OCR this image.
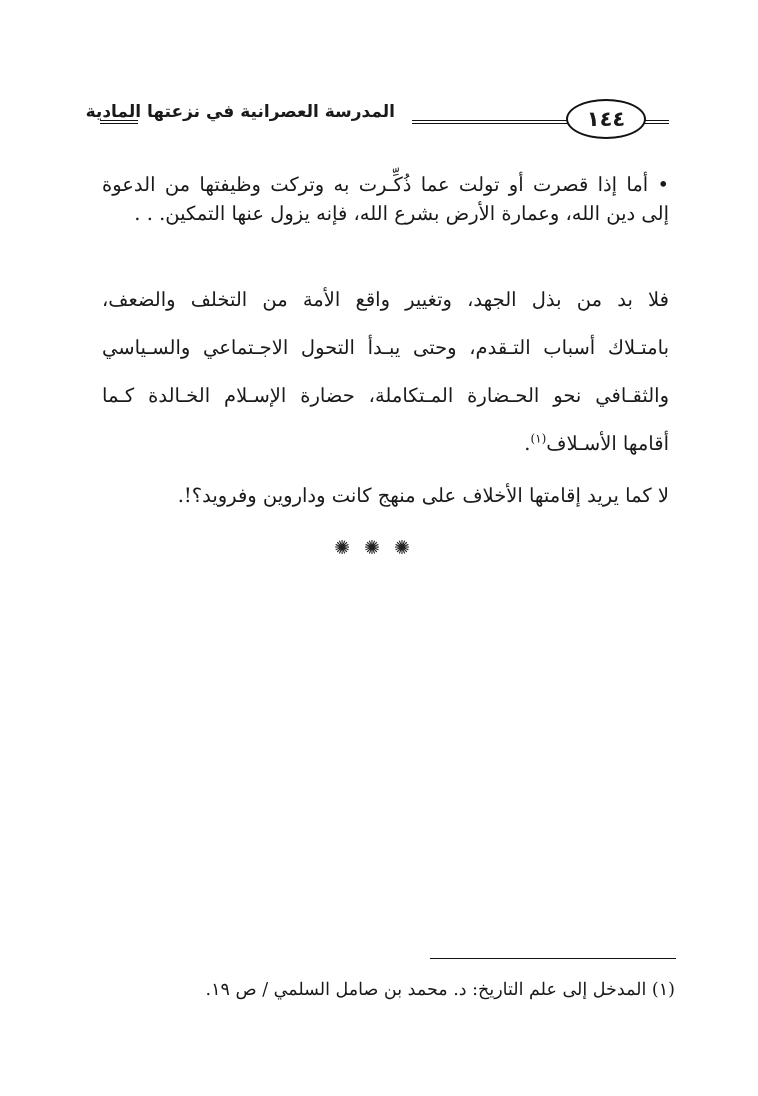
المدرسة العصرانية في نزعتها المادية	١٤٤
• أما إذا قصرت أو تولت عما ذُكِّـرت به وتركت وظيفتها من الدعوة
إلى دين الله، وعمارة الأرض بشرع الله، فإنه يزول عنها التمكين. . .
فلا بد من بذل الجهد، وتغيير واقع الأمة من التخلف والضعف،
بامتـلاك أسباب التـقدم، وحتى يبـدأ التحول الاجـتماعي والسـياسي
والثقـافي نحو الحـضارة المـتكاملة، حضارة الإسـلام الخـالدة كـما
أقامها الأسـلاف$^{(١)}$.
لا كما يريد إقامتها الأخلاف على منهج كانت وداروين وفرويد؟!.
✺✺✺
(١) المدخل إلى علم التاريخ: د. محمد بن صامل السلمي / ص ١٩.
